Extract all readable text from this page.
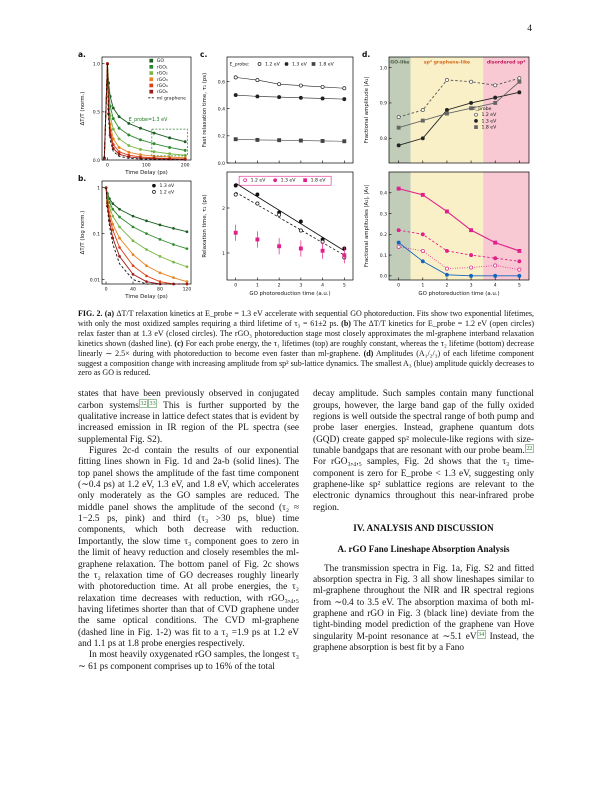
4
a.
0	100	200
0.0
0.5
1.0
Time Delay (ps)
ΔT/T (norm.)	E_probe=1.3 eV
GO
rGO₁
rGO₂
rGO₃
rGO₄
rGO₅
ml graphene
b.
0	40	80	120
0.01
0.1
1
Time Delay (ps)
ΔT/T (log norm.)
1.3 eV
1.2 eV
c.
0.0
0.2
0.4
0.6
Fast relaxation time, τ₁ (ps)
E_probe:	1.2 eV	1.3 eV	1.8 eV
0	1	2	3	4	5
1
2
GO photoreduction time (a.u.)
Relaxation time, τ₂ (ps)
1.2 eV	1.3 eV	1.8 eV
d.
0.8
0.9
1.0
Fractional amplitude |A₁|
GO-like	sp² graphene-like	disordered sp²
E_probe
1.2 eV
1.3 eV
1.8 eV
0	1	2	3	4	5
0.0
0.1
0.2
0.3
0.4
GO photoreduction time (a.u.)
Fractional amplitudes |A₂|, |A₃|

FIG. 2. (a) ΔT/T relaxation kinetics at E_probe = 1.3 eV accelerate with sequential GO photoreduction. Fits show two exponential lifetimes, with only the most oxidized samples requiring a third lifetime of τ₃ = 61±2 ps. (b) The ΔT/T kinetics for E_probe = 1.2 eV (open circles) relax faster than at 1.3 eV (closed circles). The rGO₃ photoreduction stage most closely approximates the ml-graphene interband relaxation kinetics shown (dashed line). (c) For each probe energy, the τ₁ lifetimes (top) are roughly constant, whereas the τ₂ lifetime (bottom) decrease linearly ∼ 2.5× during with photoreduction to become even faster than ml-graphene. (d) Amplitudes (A₁/₂/₃) of each lifetime component suggest a composition change with increasing amplitude from sp² sub-lattice dynamics. The smallest A₃ (blue) amplitude quickly decreases to zero as GO is reduced.

states that have been previously observed in conjugated carbon systems $^{32}$ $^{33}$ This is further supported by the qualitative increase in lattice defect states that is evident by increased emission in IR region of the PL spectra (see supplemental Fig. S2).

Figures 2c-d contain the results of our exponential fitting lines shown in Fig. 1d and 2a-b (solid lines). The top panel shows the amplitude of the fast time component (∼0.4 ps) at 1.2 eV, 1.3 eV, and 1.8 eV, which accelerates only moderately as the GO samples are reduced. The middle panel shows the amplitude of the second (τ₂ ≈ 1−2.5 ps, pink) and third (τ₃ >30 ps, blue) time components, which both decrease with reduction. Importantly, the slow time τ₃ component goes to zero in the limit of heavy reduction and closely resembles the ml-graphene relaxation. The bottom panel of Fig. 2c shows the τ₂ relaxation time of GO decreases roughly linearly with photoreduction time. At all probe energies, the τ₂ relaxation time decreases with reduction, with rGO₃,₄,₅ having lifetimes shorter than that of CVD graphene under the same optical conditions. The CVD ml-graphene (dashed line in Fig. 1-2) was fit to a τ₂ =1.9 ps at 1.2 eV and 1.1 ps at 1.8 probe energies respectively.

In most heavily oxygenated rGO samples, the longest τ₃ ∼ 61 ps component comprises up to 16% of the total

decay amplitude. Such samples contain many functional groups, however, the large band gap of the fully oxided regions is well outside the spectral range of both pump and probe laser energies. Instead, graphene quantum dots (GQD) create gapped sp² molecule-like regions with size-tunable bandgaps that are resonant with our probe beam. $^{22}$ For rGO₃,₄,₅ samples, Fig. 2d shows that the τ₃ time-component is zero for E_probe < 1.3 eV, suggesting only graphene-like sp² sublattice regions are relevant to the electronic dynamics throughout this near-infrared probe region.

IV. ANALYSIS AND DISCUSSION
A. rGO Fano Lineshape Absorption Analysis

The transmission spectra in Fig. 1a, Fig. S2 and fitted absorption spectra in Fig. 3 all show lineshapes similar to ml-graphene throughout the NIR and IR spectral regions from ∼0.4 to 3.5 eV. The absorption maxima of both ml-graphene and rGO in Fig. 3 (black line) deviate from the tight-binding model prediction of the graphene van Hove singularity M-point resonance at ∼5.1 eV $^{34}$ Instead, the graphene absorption is best fit by a Fano
